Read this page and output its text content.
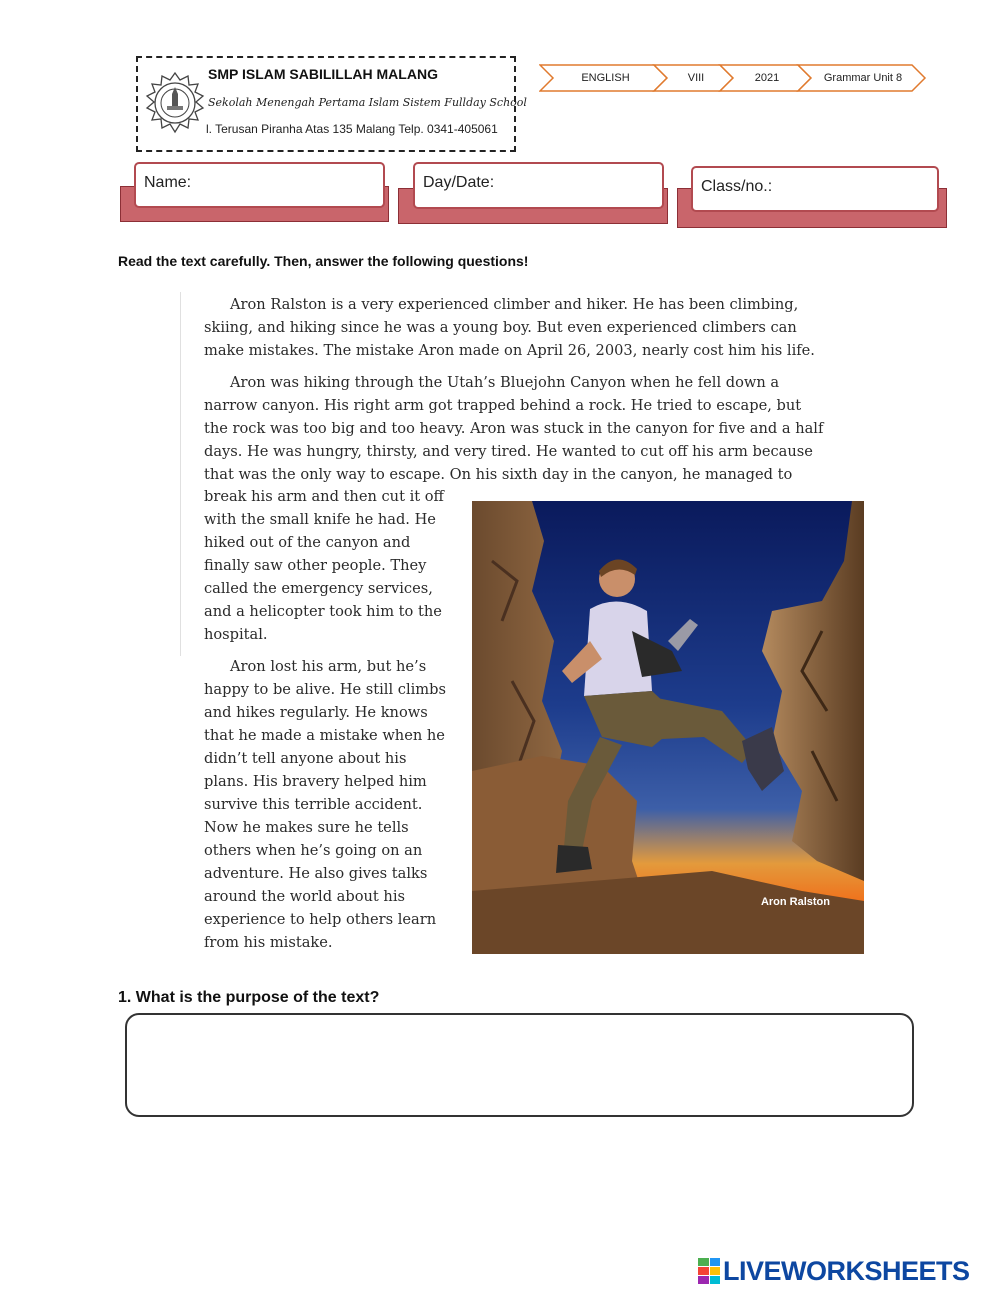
SMP ISLAM SABILILLAH MALANG
Sekolah Menengah Pertama Islam Sistem Fullday School
l. Terusan Piranha Atas 135 Malang Telp. 0341-405061
ENGLISH	VIII	2021	Grammar Unit 8
Name:	Day/Date:	Class/no.:
Read the text carefully. Then, answer the following questions!

Aron Ralston is a very experienced climber and hiker. He has been climbing, skiing, and hiking since he was a young boy. But even experienced climbers can make mistakes. The mistake Aron made on April 26, 2003, nearly cost him his life.

Aron was hiking through the Utah’s Bluejohn Canyon when he fell down a narrow canyon. His right arm got trapped behind a rock. He tried to escape, but the rock was too big and too heavy. Aron was stuck in the canyon for five and a half days. He was hungry, thirsty, and very tired. He wanted to cut off his arm because that was the only way to escape. On his sixth day in the canyon, he managed to

break his arm and then cut it off with the small knife he had. He hiked out of the canyon and finally saw other people. They called the emergency services, and a helicopter took him to the hospital.

Aron lost his arm, but he’s happy to be alive. He still climbs and hikes regularly. He knows that he made a mistake when he didn’t tell anyone about his plans. His bravery helped him survive this terrible accident. Now he makes sure he tells others when he’s going on an adventure. He also gives talks around the world about his experience to help others learn from his mistake.

Aron Ralston
1. What is the purpose of the text?
LIVEWORKSHEETS
